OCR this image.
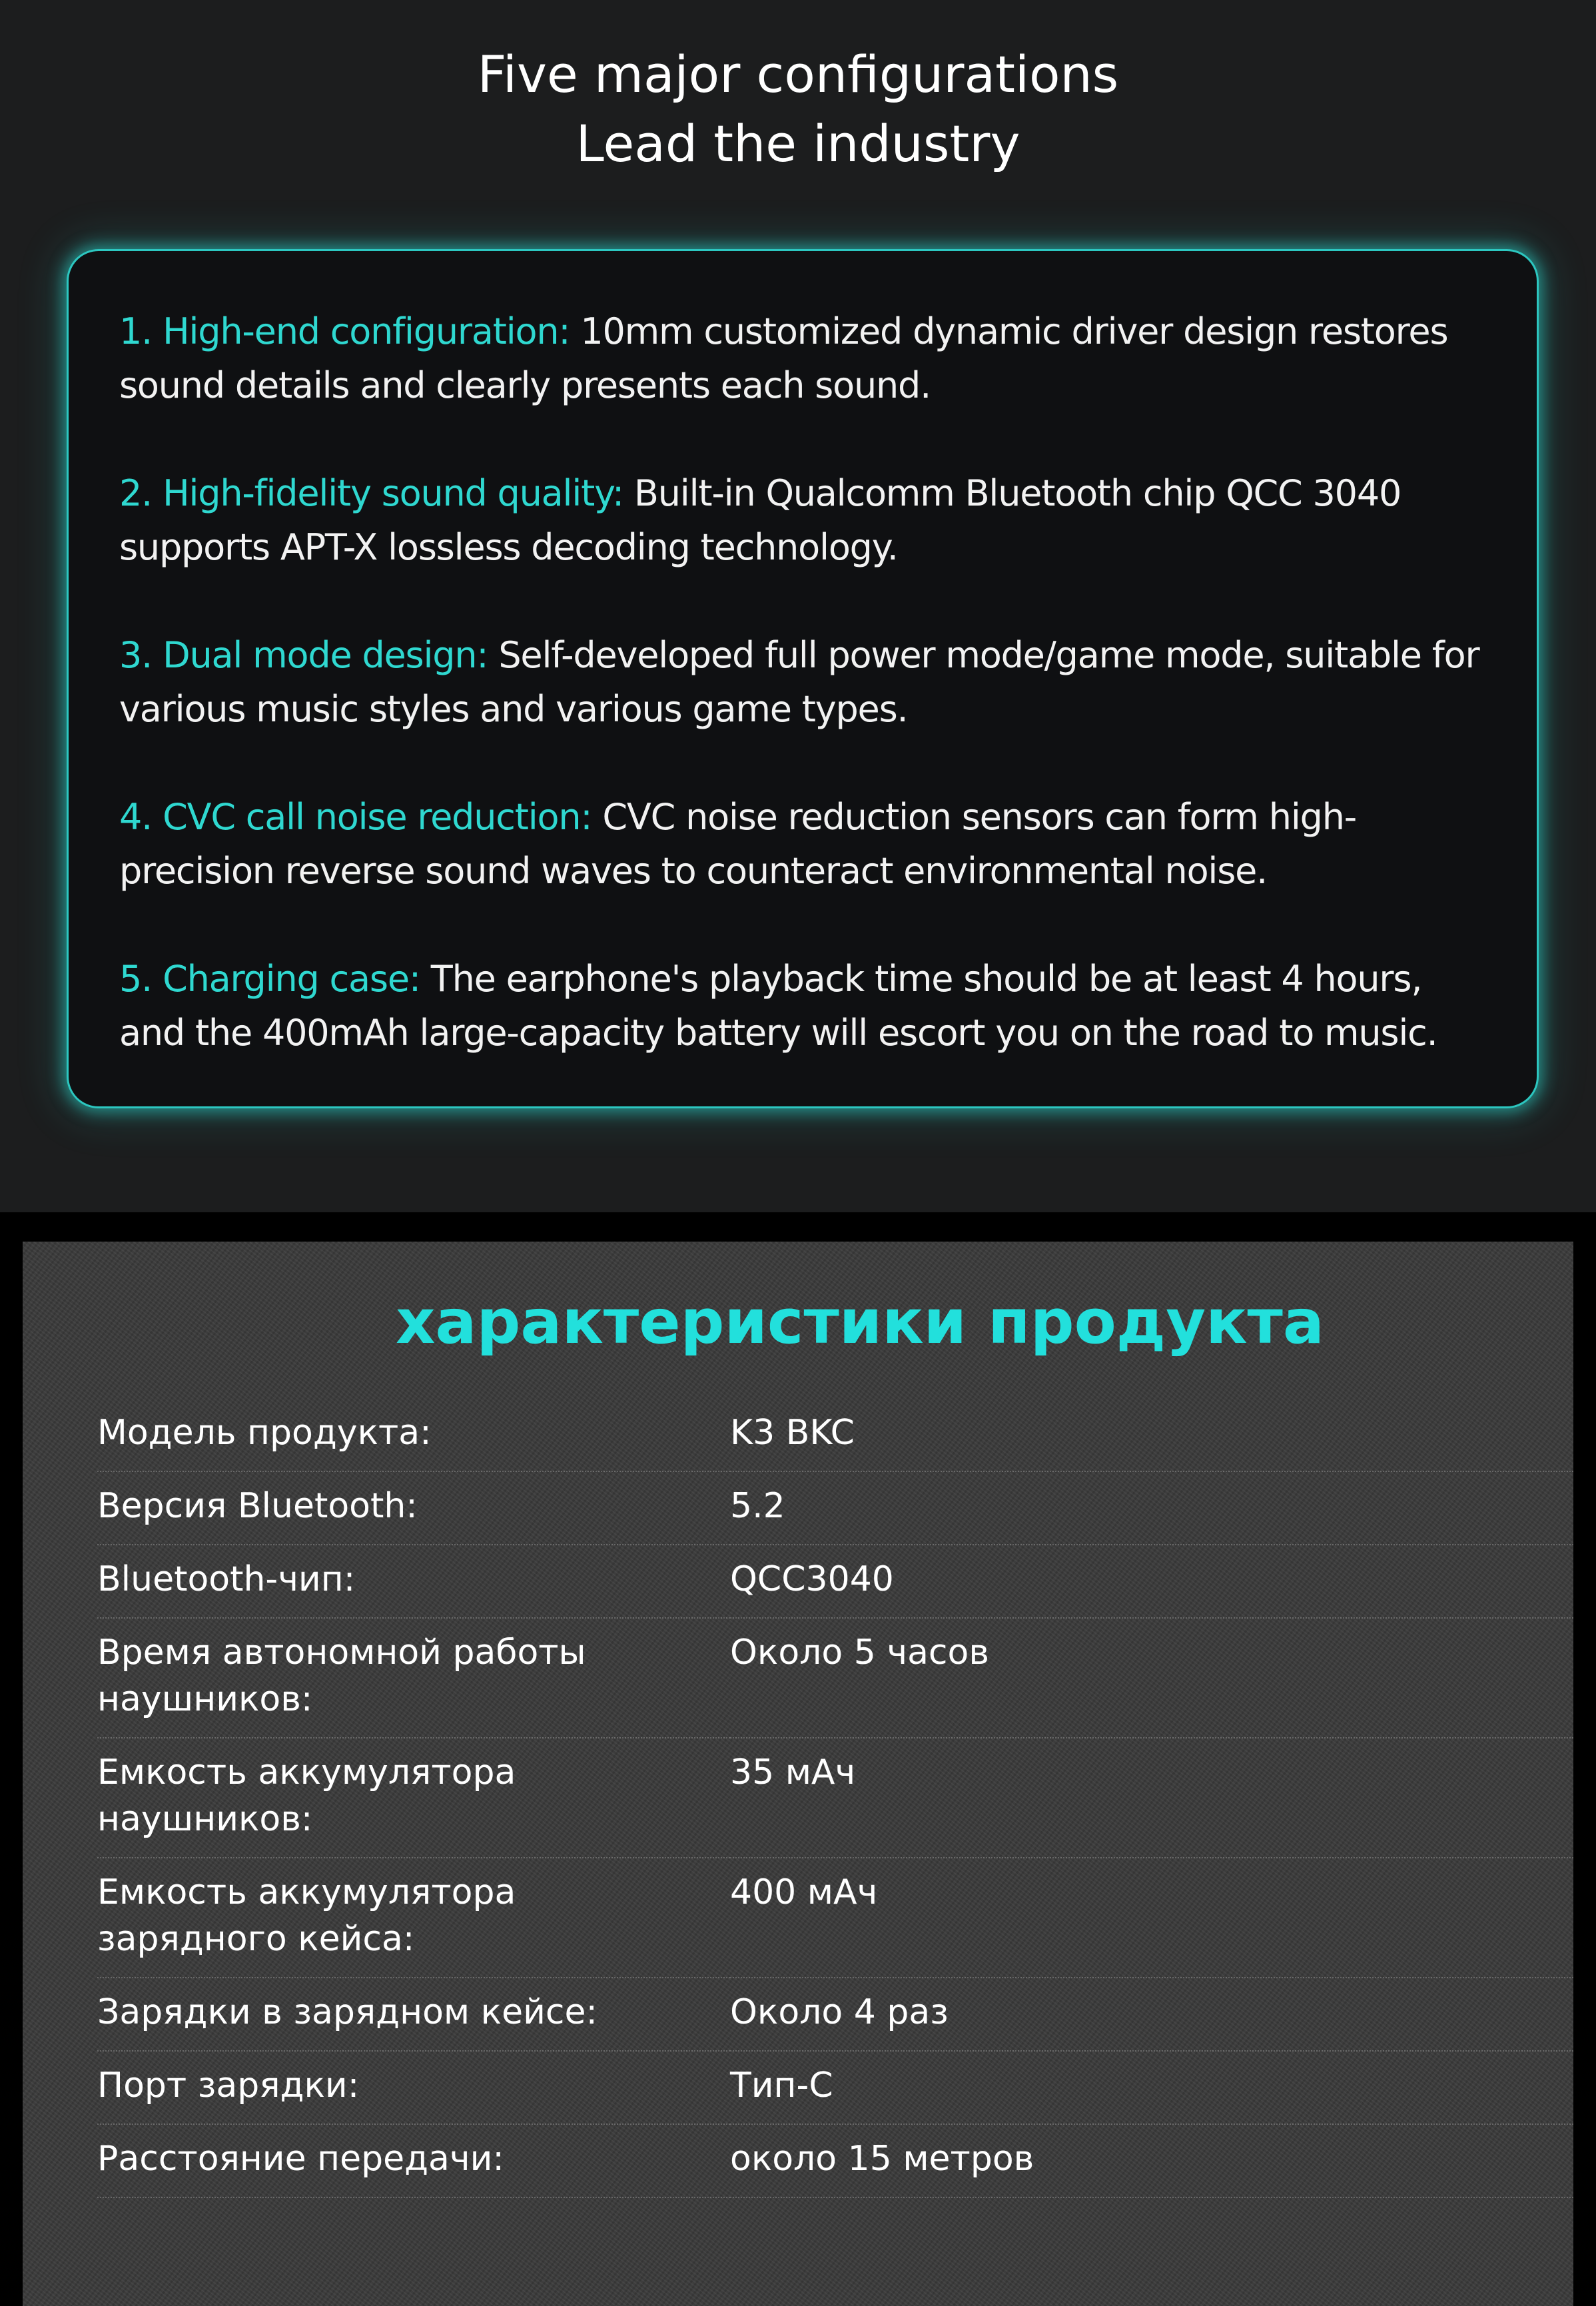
Five major configurations
Lead the industry

1. High-end configuration: 10mm customized dynamic driver design restores sound details and clearly presents each sound.

2. High-fidelity sound quality: Built-in Qualcomm Bluetooth chip QCC 3040 supports APT-X lossless decoding technology.

3. Dual mode design: Self-developed full power mode/game mode, suitable for various music styles and various game types.

4. CVC call noise reduction: CVC noise reduction sensors can form high-precision reverse sound waves to counteract environmental noise.

5. Charging case: The earphone's playback time should be at least 4 hours, and the 400mAh large-capacity battery will escort you on the road to music.

характеристики продукта
Модель продукта:	K3 BKC
Версия Bluetooth:	5.2
Bluetooth-чип:	QCC3040
Время автономной работы наушников:	Около 5 часов
Емкость аккумулятора наушников:	35 мАч
Емкость аккумулятора зарядного кейса:	400 мАч
Зарядки в зарядном кейсе:	Около 4 раз
Порт зарядки:	Тип-С
Расстояние передачи:	около 15 метров
